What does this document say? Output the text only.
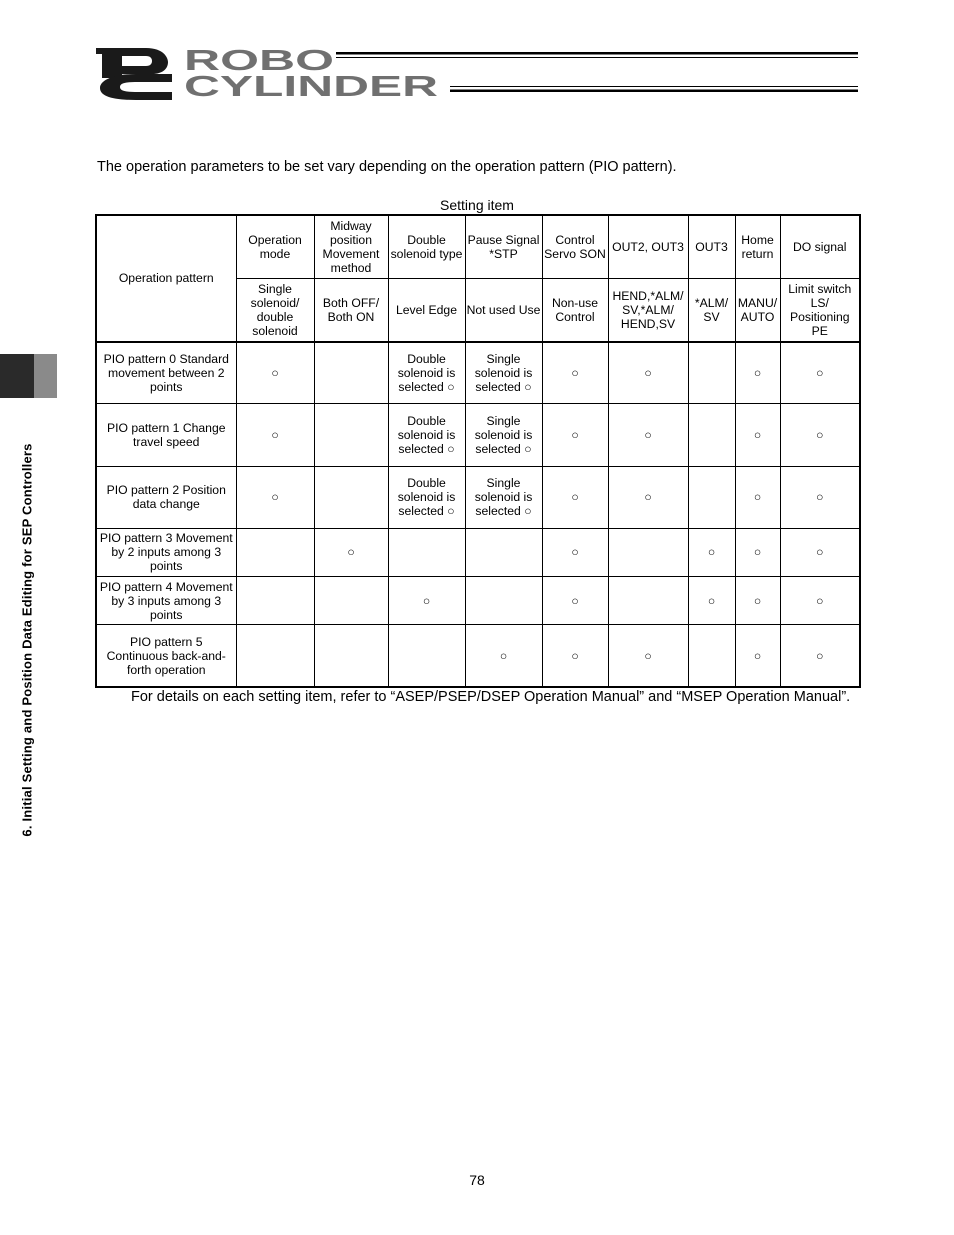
ROBO
CYLINDER
6. Initial Setting and Position Data Editing for SEP Controllers
The operation parameters to be set vary depending on the operation pattern (PIO pattern).
Setting item
Operation pattern	Operation mode	Midway position Movement method	Double solenoid type	Pause Signal *STP	Control Servo SON	OUT2, OUT3	OUT3	Home return	DO signal
	Single solenoid/ double solenoid	Both OFF/ Both ON	Level Edge	Not used Use	Non-use Control	HEND,*ALM/ SV,*ALM/ HEND,SV	*ALM/ SV	MANU/ AUTO	Limit switch LS/ Positioning PE
PIO pattern 0 Standard movement between 2 points	○		Double solenoid is selected ○	Single solenoid is selected ○	○	○		○	○
PIO pattern 1 Change travel speed	○		Double solenoid is selected ○	Single solenoid is selected ○	○	○		○	○
PIO pattern 2 Position data change	○		Double solenoid is selected ○	Single solenoid is selected ○	○	○		○	○
PIO pattern 3 Movement by 2 inputs among 3 points		○			○		○	○	○
PIO pattern 4 Movement by 3 inputs among 3 points			○		○		○	○	○
PIO pattern 5 Continuous back-and-forth operation				○	○	○		○	○
For details on each setting item, refer to “ASEP/PSEP/DSEP Operation Manual” and “MSEP Operation Manual”.
78
